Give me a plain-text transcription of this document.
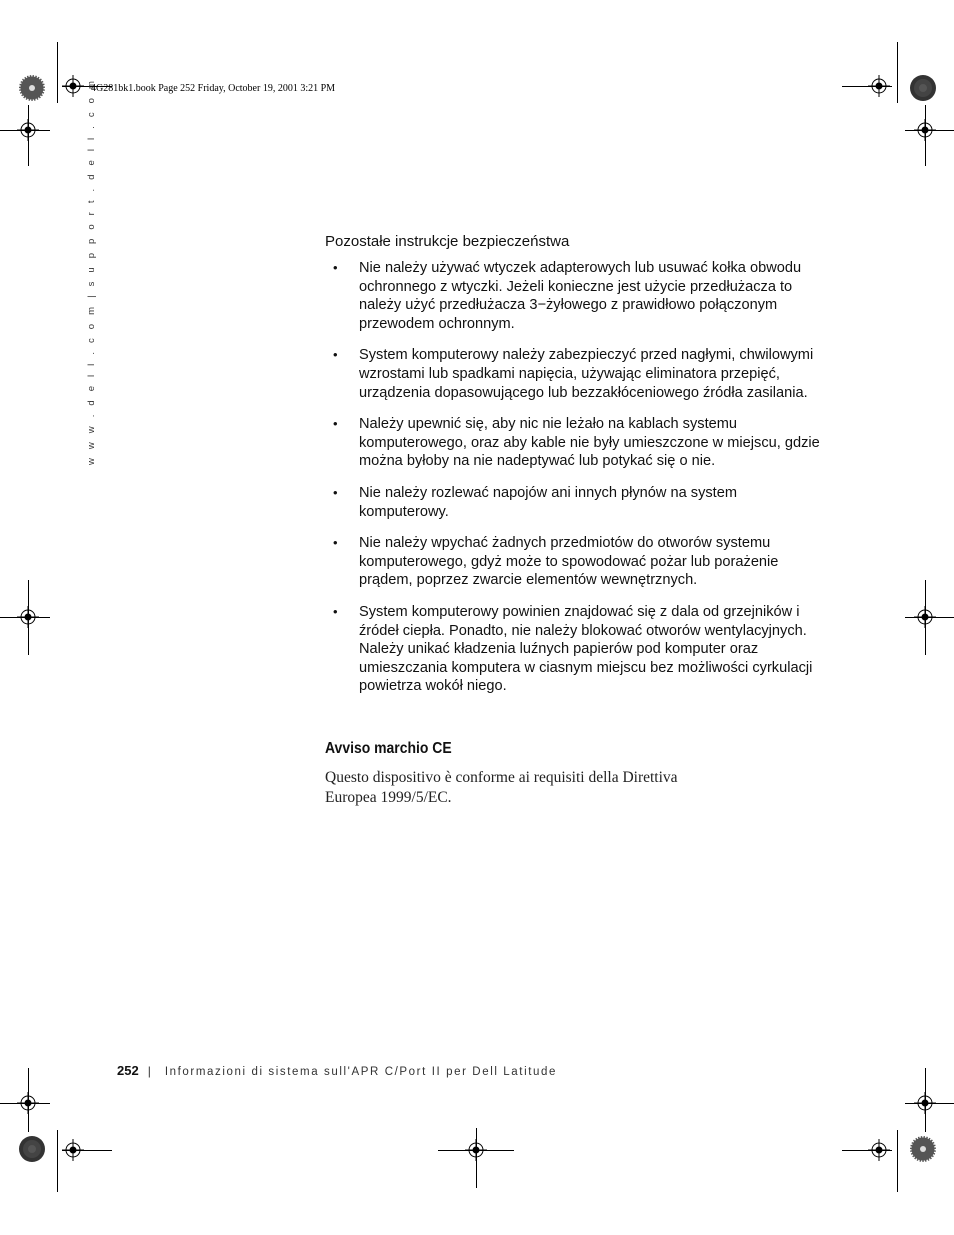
4G281bk1.book Page 252 Friday, October 19, 2001 3:21 PM
w w w . d e l l . c o m | s u p p o r t . d e l l . c o m	Pozostałe instrukcje bezpieczeństwa
• Nie należy używać wtyczek adapterowych lub usuwać kołka obwodu ochronnego z wtyczki. Jeżeli konieczne jest użycie przedłużacza to należy użyć przedłużacza 3−żyłowego z prawidłowo połączonym przewodem ochronnym.
• System komputerowy należy zabezpieczyć przed nagłymi, chwilowymi wzrostami lub spadkami napięcia, używając eliminatora przepięć, urządzenia dopasowującego lub bezzakłóceniowego źródła zasilania.
• Należy upewnić się, aby nic nie leżało na kablach systemu komputerowego, oraz aby kable nie były umieszczone w miejscu, gdzie można byłoby na nie nadeptywać lub potykać się o nie.
• Nie należy rozlewać napojów ani innych płynów na system komputerowy.
• Nie należy wpychać żadnych przedmiotów do otworów systemu komputerowego, gdyż może to spowodować pożar lub porażenie prądem, poprzez zwarcie elementów wewnętrznych.
• System komputerowy powinien znajdować się z dala od grzejników i źródeł ciepła. Ponadto, nie należy blokować otworów wentylacyjnych. Należy unikać kładzenia luźnych papierów pod komputer oraz umieszczania komputera w ciasnym miejscu bez możliwości cyrkulacji powietrza wokół niego.
Avviso marchio CE

Questo dispositivo è conforme ai requisiti della Direttiva Europea 1999/5/EC.

252 | Informazioni di sistema sull'APR C/Port II per Dell Latitude
